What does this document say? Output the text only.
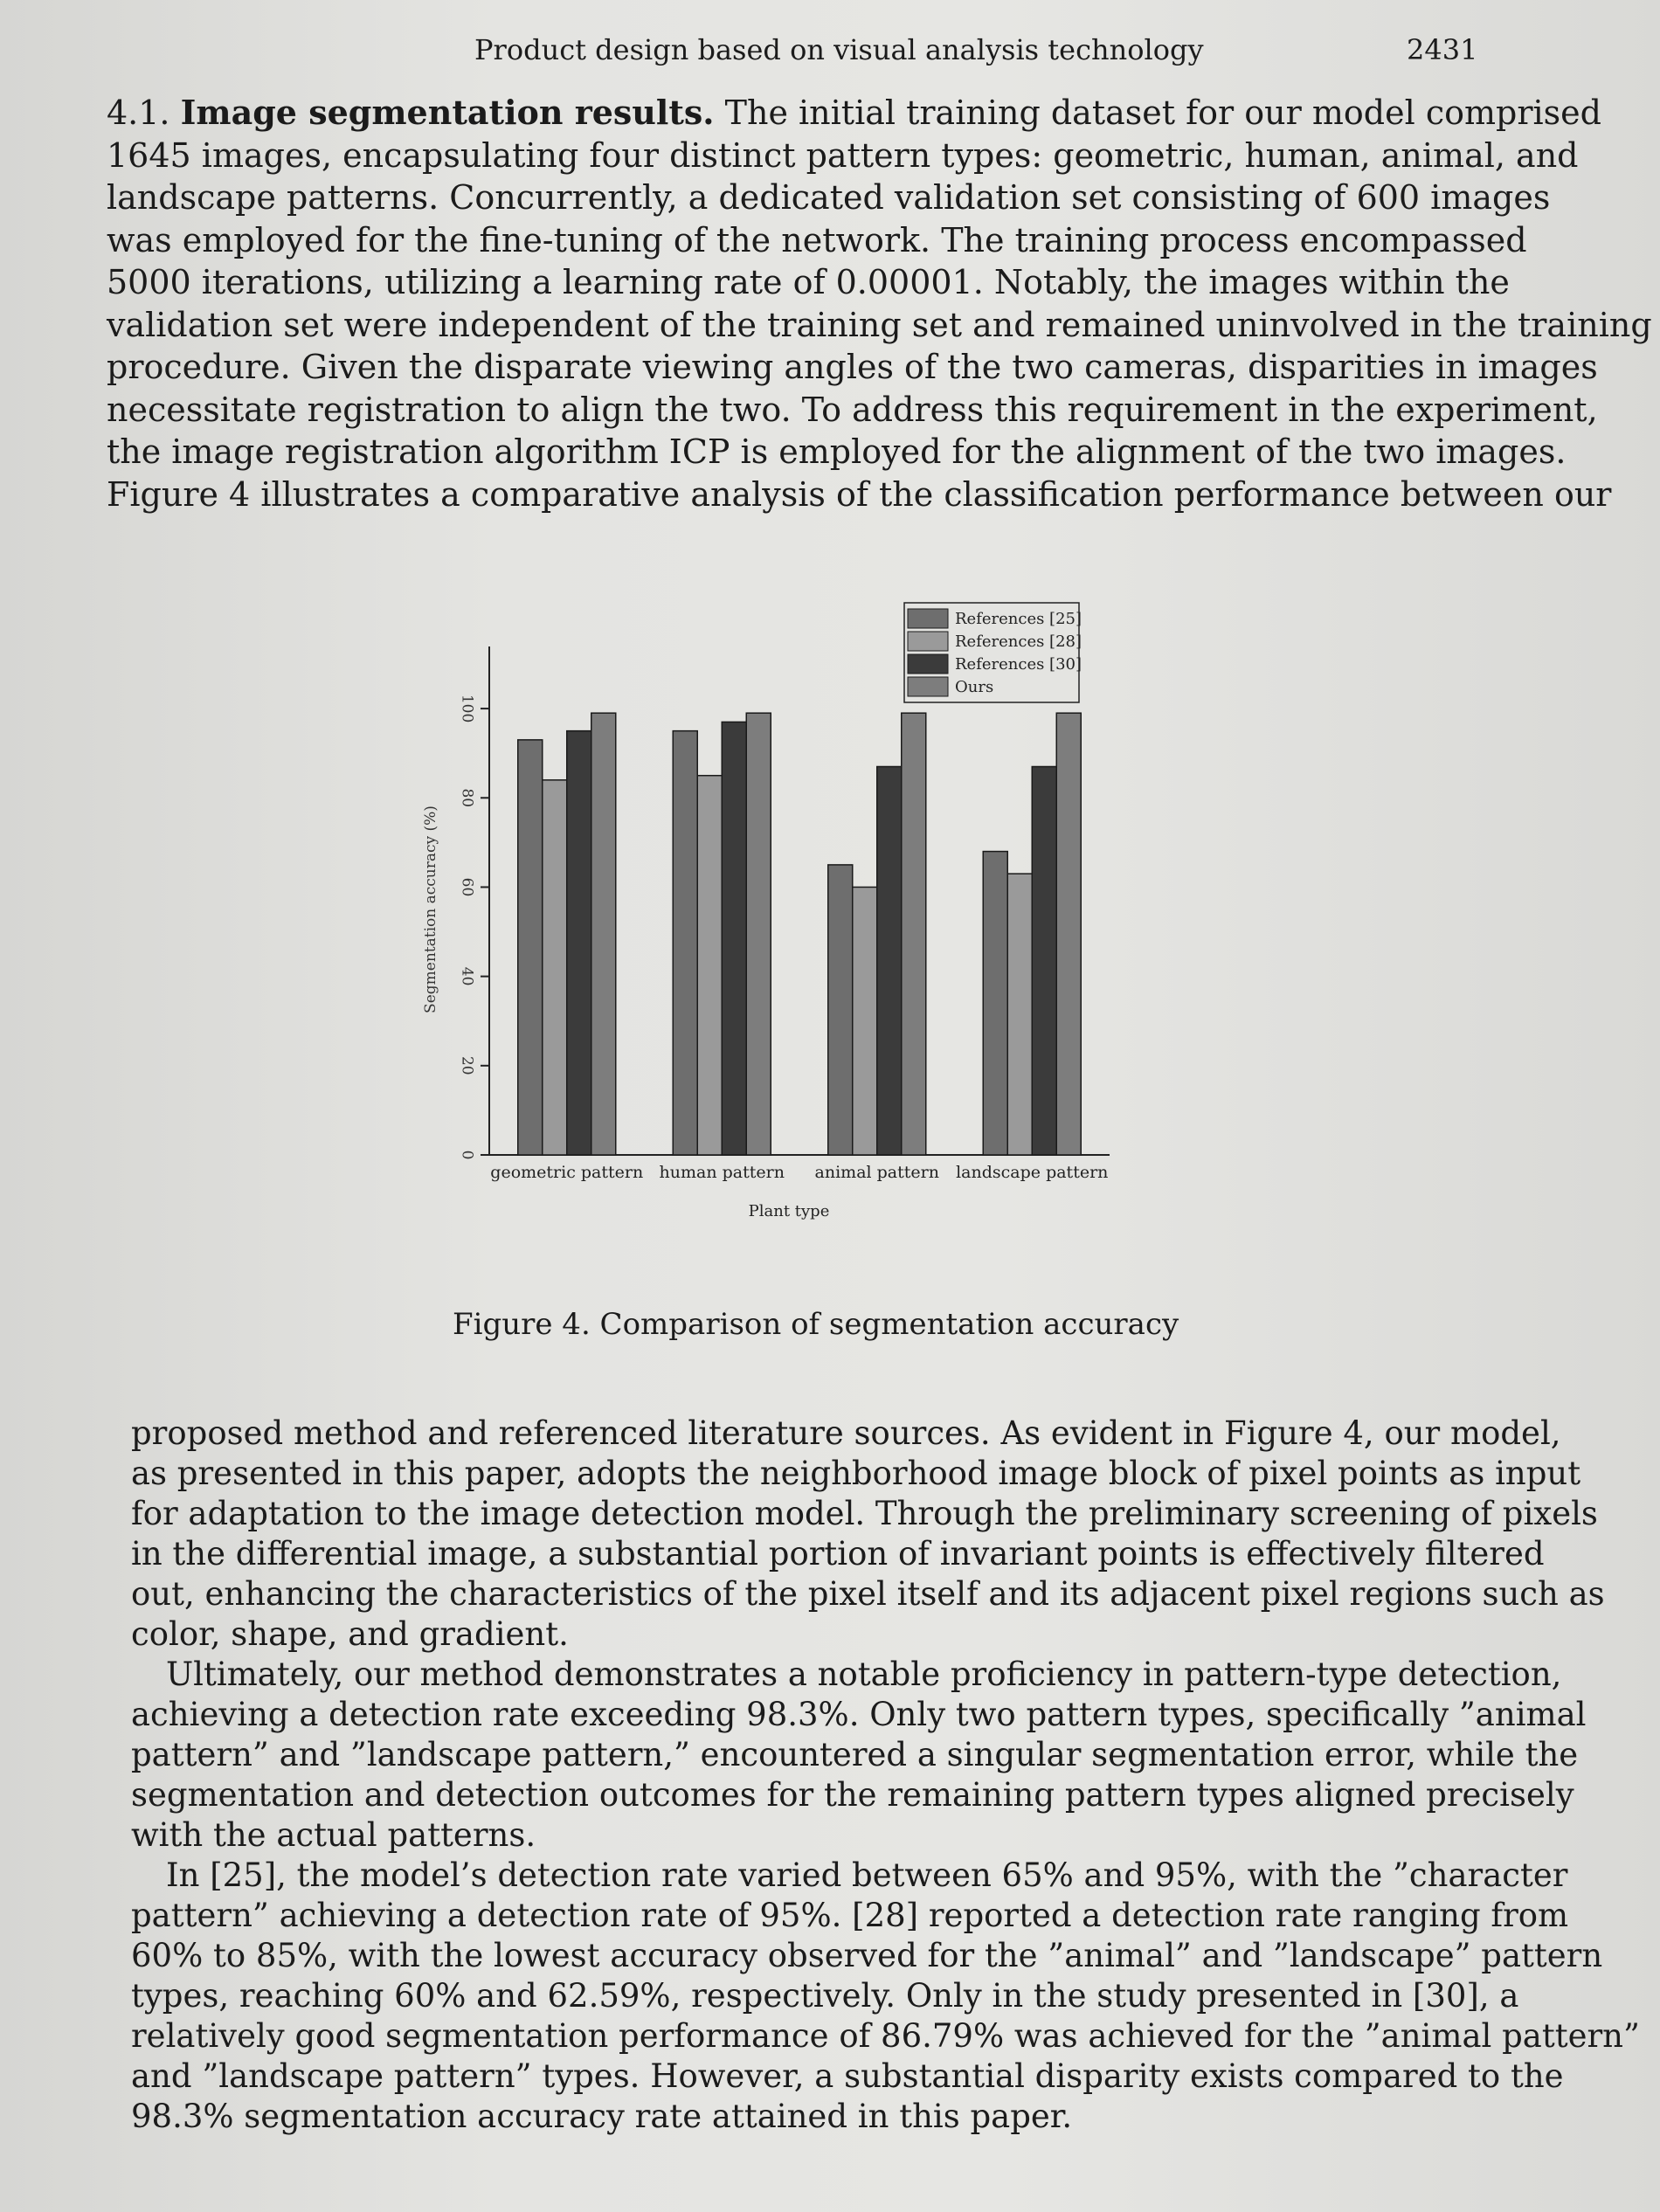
Product design based on visual analysis technology	2431
4.1. Image segmentation results. The initial training dataset for our model comprised
1645 images, encapsulating four distinct pattern types: geometric, human, animal, and
landscape patterns. Concurrently, a dedicated validation set consisting of 600 images
was employed for the fine-tuning of the network. The training process encompassed
5000 iterations, utilizing a learning rate of 0.00001. Notably, the images within the
validation set were independent of the training set and remained uninvolved in the training
procedure. Given the disparate viewing angles of the two cameras, disparities in images
necessitate registration to align the two. To address this requirement in the experiment,
the image registration algorithm ICP is employed for the alignment of the two images.
Figure 4 illustrates a comparative analysis of the classification performance between our
0
20
40
60
80
100
Segmentation accuracy (%)
geometric pattern human pattern animal pattern landscape pattern
Plant type
References [25]
References [28]
References [30]
Ours
Figure 4. Comparison of segmentation accuracy
proposed method and referenced literature sources. As evident in Figure 4, our model,
as presented in this paper, adopts the neighborhood image block of pixel points as input
for adaptation to the image detection model. Through the preliminary screening of pixels
in the differential image, a substantial portion of invariant points is effectively filtered
out, enhancing the characteristics of the pixel itself and its adjacent pixel regions such as
color, shape, and gradient.
Ultimately, our method demonstrates a notable proficiency in pattern-type detection,
achieving a detection rate exceeding 98.3%. Only two pattern types, specifically ”animal
pattern” and ”landscape pattern,” encountered a singular segmentation error, while the
segmentation and detection outcomes for the remaining pattern types aligned precisely
with the actual patterns.
In [25], the model’s detection rate varied between 65% and 95%, with the ”character
pattern” achieving a detection rate of 95%. [28] reported a detection rate ranging from
60% to 85%, with the lowest accuracy observed for the ”animal” and ”landscape” pattern
types, reaching 60% and 62.59%, respectively. Only in the study presented in [30], a
relatively good segmentation performance of 86.79% was achieved for the ”animal pattern”
and ”landscape pattern” types. However, a substantial disparity exists compared to the
98.3% segmentation accuracy rate attained in this paper.
